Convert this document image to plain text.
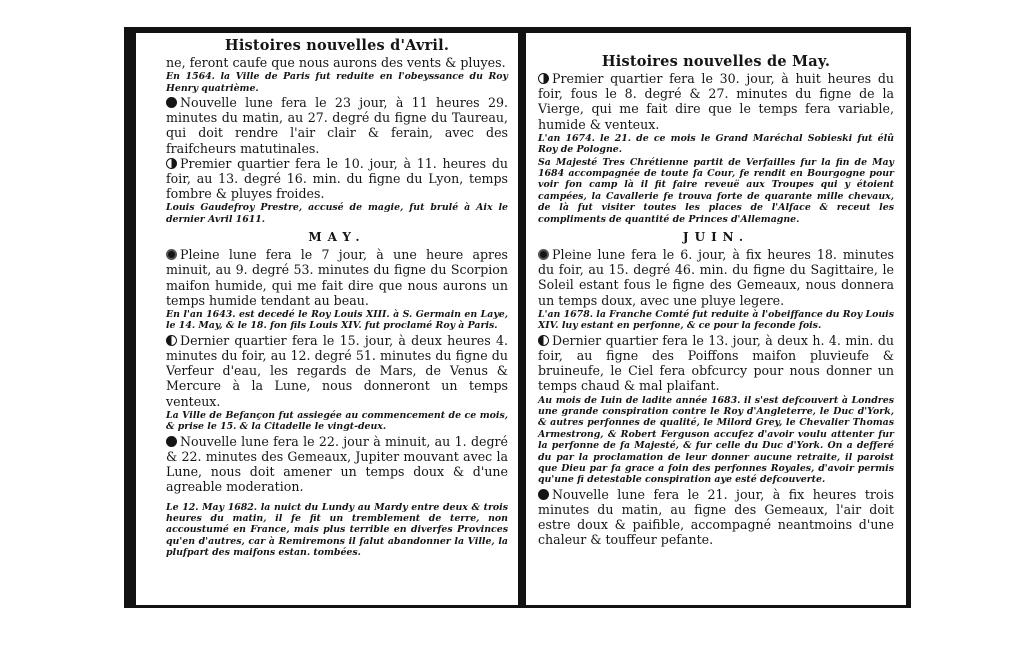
Histoires nouvelles d'Avril.

ne, feront caufe que nous aurons des vents & pluyes.

En 1564. la Ville de Paris fut reduite en l'obeyssance du Roy Henry quatrième.

Nouvelle lune fera le 23 jour, à 11 heures 29. minutes du matin, au 27. degré du figne du Taureau, qui doit rendre l'air clair & ferain, avec des fraifcheurs matutinales.

Premier quartier fera le 10. jour, à 11. heures du foir, au 13. degré 16. min. du figne du Lyon, temps fombre & pluyes froides.

Louis Gaudefroy Prestre, accusé de magie, fut brulé à Aix le dernier Avril 1611.

MAY.

Pleine lune fera le 7 jour, à une heure apres minuit, au 9. degré 53. minutes du figne du Scorpion maifon humide, qui me fait dire que nous aurons un temps humide tendant au beau.

En l'an 1643. est decedé le Roy Louis XIII. à S. Germain en Laye, le 14. May, & le 18. fon fils Louis XIV. fut proclamé Roy à Paris.

Dernier quartier fera le 15. jour, à deux heures 4. minutes du foir, au 12. degré 51. minutes du figne du Verfeur d'eau, les regards de Mars, de Venus & Mercure à la Lune, nous donneront un temps venteux.

La Ville de Befançon fut assiegée au commencement de ce mois, & prise le 15. & la Citadelle le vingt-deux.

Nouvelle lune fera le 22. jour à minuit, au 1. degré & 22. minutes des Gemeaux, Jupiter mouvant avec la Lune, nous doit amener un temps doux & d'une agreable moderation.

Le 12. May 1682. la nuict du Lundy au Mardy entre deux & trois heures du matin, il fe fit un tremblement de terre, non accoustumé en France, mais plus terrible en diverfes Provinces qu'en d'autres, car à Remiremons il falut abandonner la Ville, la plufpart des maifons estan. tombées.

Histoires nouvelles de May.

Premier quartier fera le 30. jour, à huit heures du foir, fous le 8. degré & 27. minutes du figne de la Vierge, qui me fait dire que le temps fera variable, humide & venteux.

L'an 1674. le 21. de ce mois le Grand Maréchal Sobieski fut élû Roy de Pologne.

Sa Majesté Tres Chrétienne partit de Verfailles fur la fin de May 1684 accompagnée de toute fa Cour, fe rendit en Bourgogne pour voir fon camp là il fit faire reveuë aux Troupes qui y étoient campées, la Cavallerie fe trouva forte de quarante mille chevaux, de là fut visiter toutes les places de l'Alface & receut les compliments de quantité de Princes d'Allemagne.

JUIN.

Pleine lune fera le 6. jour, à fix heures 18. minutes du foir, au 15. degré 46. min. du figne du Sagittaire, le Soleil estant fous le figne des Gemeaux, nous donnera un temps doux, avec une pluye legere.

L'an 1678. la Franche Comté fut reduite à l'obeiffance du Roy Louis XIV. luy estant en perfonne, & ce pour la feconde fois.

Dernier quartier fera le 13. jour, à deux h. 4. min. du foir, au figne des Poiffons maifon pluvieufe & bruineufe, le Ciel fera obfcurcy pour nous donner un temps chaud & mal plaifant.

Au mois de Iuin de ladite année 1683. il s'est defcouvert à Londres une grande conspiration contre le Roy d'Angleterre, le Duc d'York, & autres perfonnes de qualité, le Milord Grey, le Chevalier Thomas Armestrong, & Robert Ferguson accufez d'avoir voulu attenter fur la perfonne de fa Majesté, & fur celle du Duc d'York. On a defferé du par la proclamation de leur donner aucune retraite, il paroist que Dieu par fa grace a foin des perfonnes Royales, d'avoir permis qu'une fi detestable conspiration aye esté defcouverte.

Nouvelle lune fera le 21. jour, à fix heures trois minutes du matin, au figne des Gemeaux, l'air doit estre doux & paifible, accompagné neantmoins d'une chaleur & touffeur pefante.
